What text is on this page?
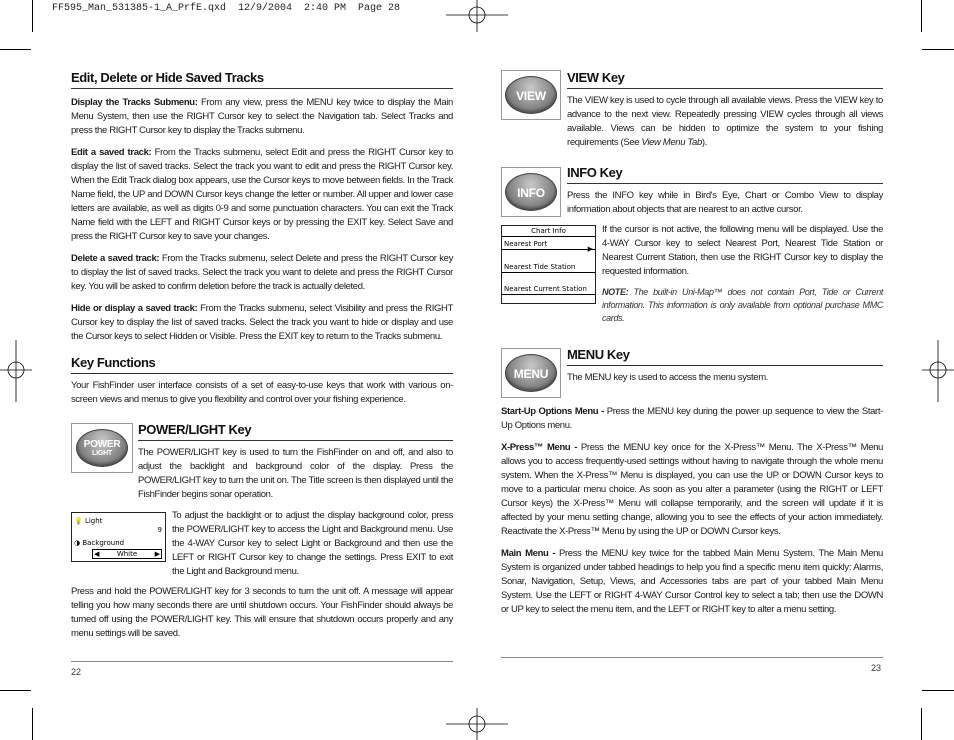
FF595_Man_531385-1_A_PrfE.qxd  12/9/2004  2:40 PM  Page 28
Edit, Delete or Hide Saved Tracks

Display the Tracks Submenu: From any view, press the MENU key twice to display the Main Menu System, then use the RIGHT Cursor key to select the Navigation tab. Select Tracks and press the RIGHT Cursor key to display the Tracks submenu.

Edit a saved track: From the Tracks submenu, select Edit and press the RIGHT Cursor key to display the list of saved tracks. Select the track you want to edit and press the RIGHT Cursor key. When the Edit Track dialog box appears, use the Cursor keys to move between fields. In the Track Name field, the UP and DOWN Cursor keys change the letter or number. All upper and lower case letters are available, as well as digits 0-9 and some punctuation characters. You can exit the Track Name field with the LEFT and RIGHT Cursor keys or by pressing the EXIT key. Select Save and press the RIGHT Cursor key to save your changes.

Delete a saved track: From the Tracks submenu, select Delete and press the RIGHT Cursor key to display the list of saved tracks. Select the track you want to delete and press the RIGHT Cursor key. You will be asked to confirm deletion before the track is actually deleted.

Hide or display a saved track: From the Tracks submenu, select Visibility and press the RIGHT Cursor key to display the list of saved tracks. Select the track you want to hide or display and use the Cursor keys to select Hidden or Visible. Press the EXIT key to return to the Tracks submenu.

Key Functions

Your FishFinder user interface consists of a set of easy-to-use keys that work with various on-screen views and menus to give you flexibility and control over your fishing experience.

POWER
LIGHT
POWER/LIGHT Key

The POWER/LIGHT key is used to turn the FishFinder on and off, and also to adjust the backlight and background color of the display. Press the POWER/LIGHT key to turn the unit on. The Title screen is then displayed until the FishFinder begins sonar operation.

💡 Light
9
◑ Background
◀ White ▶

To adjust the backlight or to adjust the display background color, press the POWER/LIGHT key to access the Light and Background menu. Use the 4-WAY Cursor key to select Light or Background and then use the LEFT or RIGHT Cursor key to change the settings. Press EXIT to exit the Light and Background menu.

Press and hold the POWER/LIGHT key for 3 seconds to turn the unit off. A message will appear telling you how many seconds there are until shutdown occurs. Your FishFinder should always be turned off using the POWER/LIGHT key. This will ensure that shutdown occurs properly and any menu settings will be saved.

22
VIEW
VIEW Key

The VIEW key is used to cycle through all available views. Press the VIEW key to advance to the next view. Repeatedly pressing VIEW cycles through all views available. Views can be hidden to optimize the system to your fishing requirements (See View Menu Tab).

INFO
INFO Key

Press the INFO key while in Bird's Eye, Chart or Combo View to display information about objects that are nearest to an active cursor.

Chart Info
Nearest Port
▶
Nearest Tide Station
Nearest Current Station

If the cursor is not active, the following menu will be displayed. Use the 4-WAY Cursor key to select Nearest Port, Nearest Tide Station or Nearest Current Station, then use the RIGHT Cursor key to display the requested information.

NOTE: The built-in Uni-Map™ does not contain Port, Tide or Current information. This information is only available from optional purchase MMC cards.

MENU
MENU Key

The MENU key is used to access the menu system.

Start-Up Options Menu - Press the MENU key during the power up sequence to view the Start-Up Options menu.

X-Press™ Menu - Press the MENU key once for the X-Press™ Menu. The X-Press™ Menu allows you to access frequently-used settings without having to navigate through the whole menu system. When the X-Press™ Menu is displayed, you can use the UP or DOWN Cursor keys to move to a particular menu choice. As soon as you alter a parameter (using the RIGHT or LEFT Cursor keys) the X-Press™ Menu will collapse temporarily, and the screen will update if it is affected by your menu setting change, allowing you to see the effects of your action immediately. Reactivate the X-Press™ Menu by using the UP or DOWN Cursor keys.

Main Menu - Press the MENU key twice for the tabbed Main Menu System. The Main Menu System is organized under tabbed headings to help you find a specific menu item quickly: Alarms, Sonar, Navigation, Setup, Views, and Accessories tabs are part of your tabbed Main Menu System. Use the LEFT or RIGHT 4-WAY Cursor Control key to select a tab; then use the DOWN or UP key to select the menu item, and the LEFT or RIGHT key to alter a menu setting.

23
